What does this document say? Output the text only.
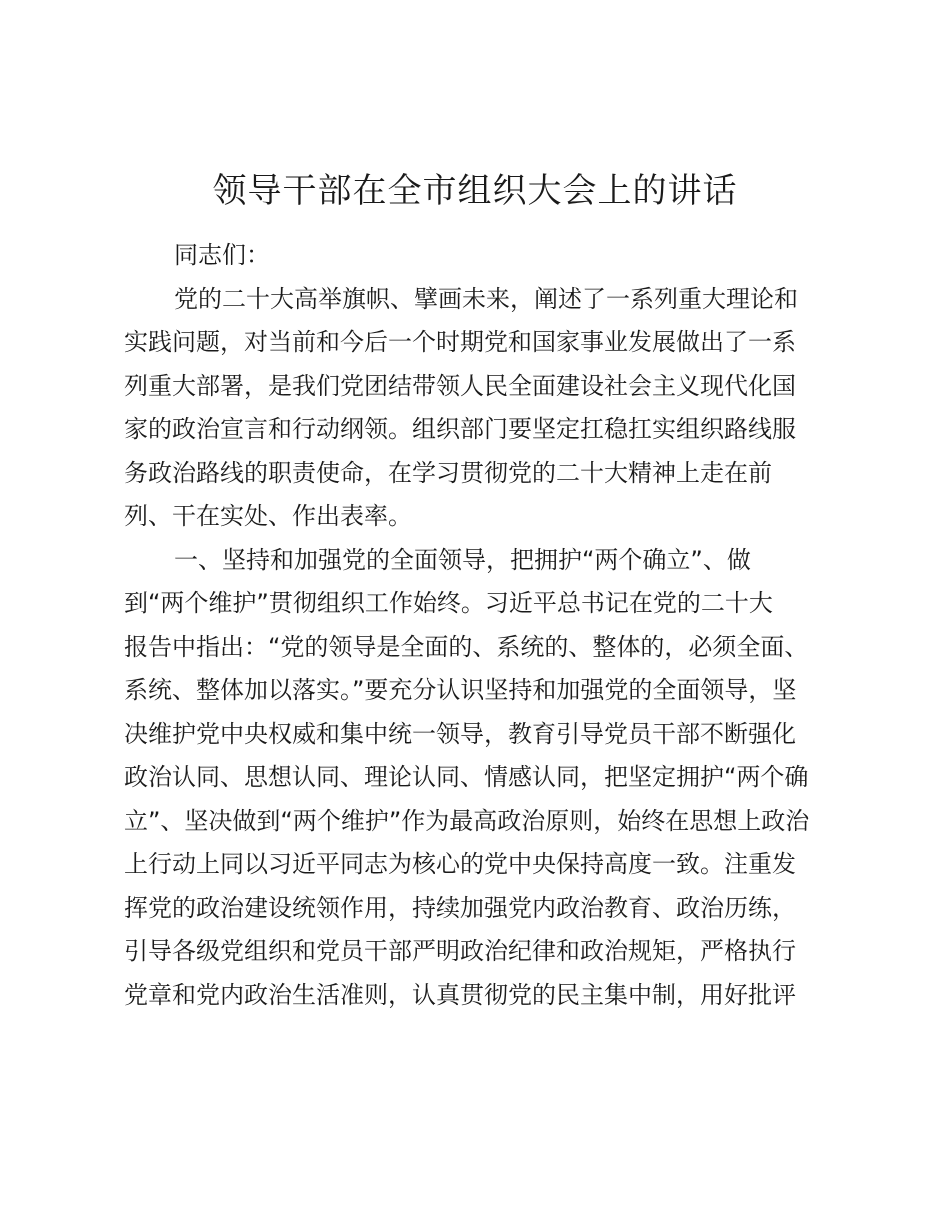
领导干部在全市组织大会上的讲话
同志们：
党的二十大高举旗帜、擘画未来，阐述了一系列重大理论和
实践问题，对当前和今后一个时期党和国家事业发展做出了一系
列重大部署，是我们党团结带领人民全面建设社会主义现代化国
家的政治宣言和行动纲领。组织部门要坚定扛稳扛实组织路线服
务政治路线的职责使命，在学习贯彻党的二十大精神上走在前
列、干在实处、作出表率。
一、坚持和加强党的全面领导，把拥护“两个确立”、做
到“两个维护”贯彻组织工作始终。习近平总书记在党的二十大
报告中指出：“党的领导是全面的、系统的、整体的，必须全面、
系统、整体加以落实。”要充分认识坚持和加强党的全面领导，坚
决维护党中央权威和集中统一领导，教育引导党员干部不断强化
政治认同、思想认同、理论认同、情感认同，把坚定拥护“两个确
立”、坚决做到“两个维护”作为最高政治原则，始终在思想上政治
上行动上同以习近平同志为核心的党中央保持高度一致。注重发
挥党的政治建设统领作用，持续加强党内政治教育、政治历练，
引导各级党组织和党员干部严明政治纪律和政治规矩，严格执行
党章和党内政治生活准则，认真贯彻党的民主集中制，用好批评
